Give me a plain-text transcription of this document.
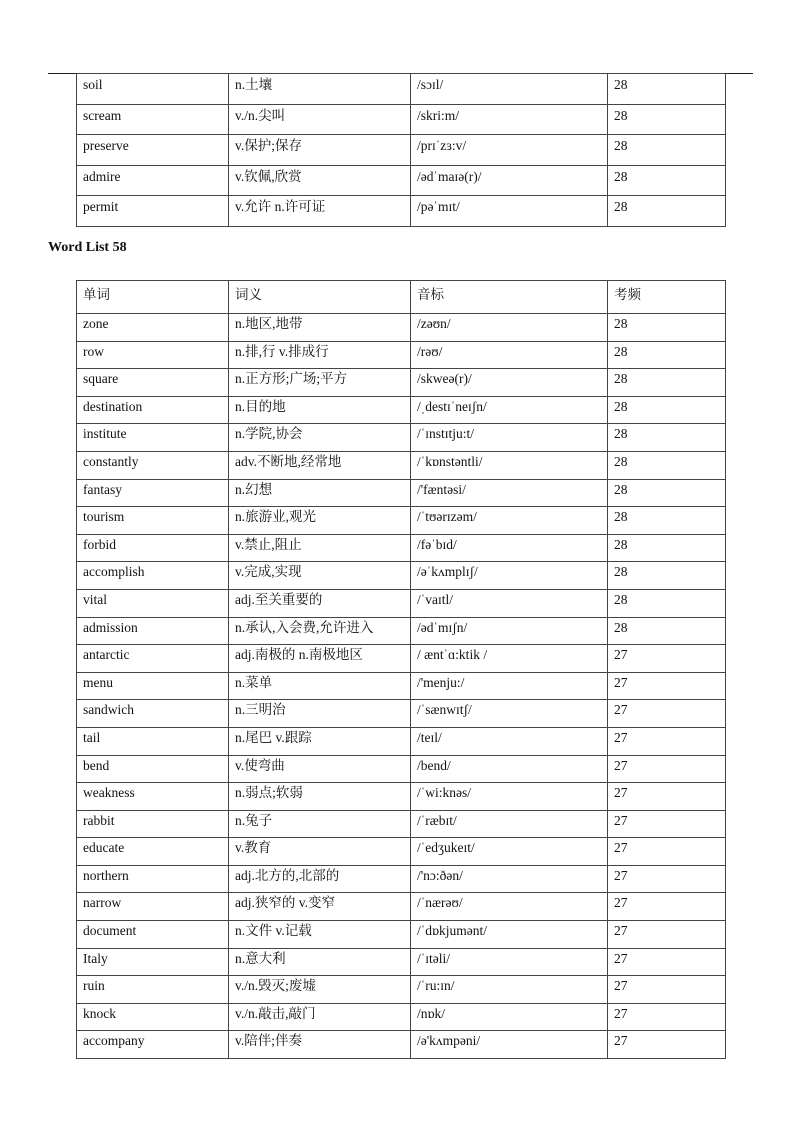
soil	n.土壤	/sɔɪl/	28
scream	v./n.尖叫	/skri:m/	28
preserve	v.保护;保存	/prɪˈzɜ:v/	28
admire	v.钦佩,欣赏	/ədˈmaɪə(r)/	28
permit	v.允许 n.许可证	/pəˈmɪt/	28
Word List 58
单词	词义	音标	考频
zone	n.地区,地带	/zəʊn/	28
row	n.排,行 v.排成行	/rəʊ/	28
square	n.正方形;广场;平方	/skweə(r)/	28
destination	n.目的地	/ˌdestɪˈneɪʃn/	28
institute	n.学院,协会	/ˈɪnstɪtju:t/	28
constantly	adv.不断地,经常地	/ˈkɒnstəntli/	28
fantasy	n.幻想	/'fæntəsi/	28
tourism	n.旅游业,观光	/ˈtʊərɪzəm/	28
forbid	v.禁止,阻止	/fəˈbɪd/	28
accomplish	v.完成,实现	/əˈkʌmplɪʃ/	28
vital	adj.至关重要的	/ˈvaɪtl/	28
admission	n.承认,入会费,允许进入	/ədˈmɪʃn/	28
antarctic	adj.南极的 n.南极地区	/ æntˈɑ:ktik /	27
menu	n.菜单	/'menju:/	27
sandwich	n.三明治	/ˈsænwɪtʃ/	27
tail	n.尾巴 v.跟踪	/teɪl/	27
bend	v.使弯曲	/bend/	27
weakness	n.弱点;软弱	/ˈwi:knəs/	27
rabbit	n.兔子	/ˈræbɪt/	27
educate	v.教育	/ˈedʒukeɪt/	27
northern	adj.北方的,北部的	/'nɔ:ðən/	27
narrow	adj.狭窄的 v.变窄	/ˈnærəʊ/	27
document	n.文件 v.记载	/ˈdɒkjumənt/	27
Italy	n.意大利	/ˈɪtəli/	27
ruin	v./n.毁灭;废墟	/ˈru:ɪn/	27
knock	v./n.敲击,敲门	/nɒk/	27
accompany	v.陪伴;伴奏	/ə'kʌmpəni/	27
